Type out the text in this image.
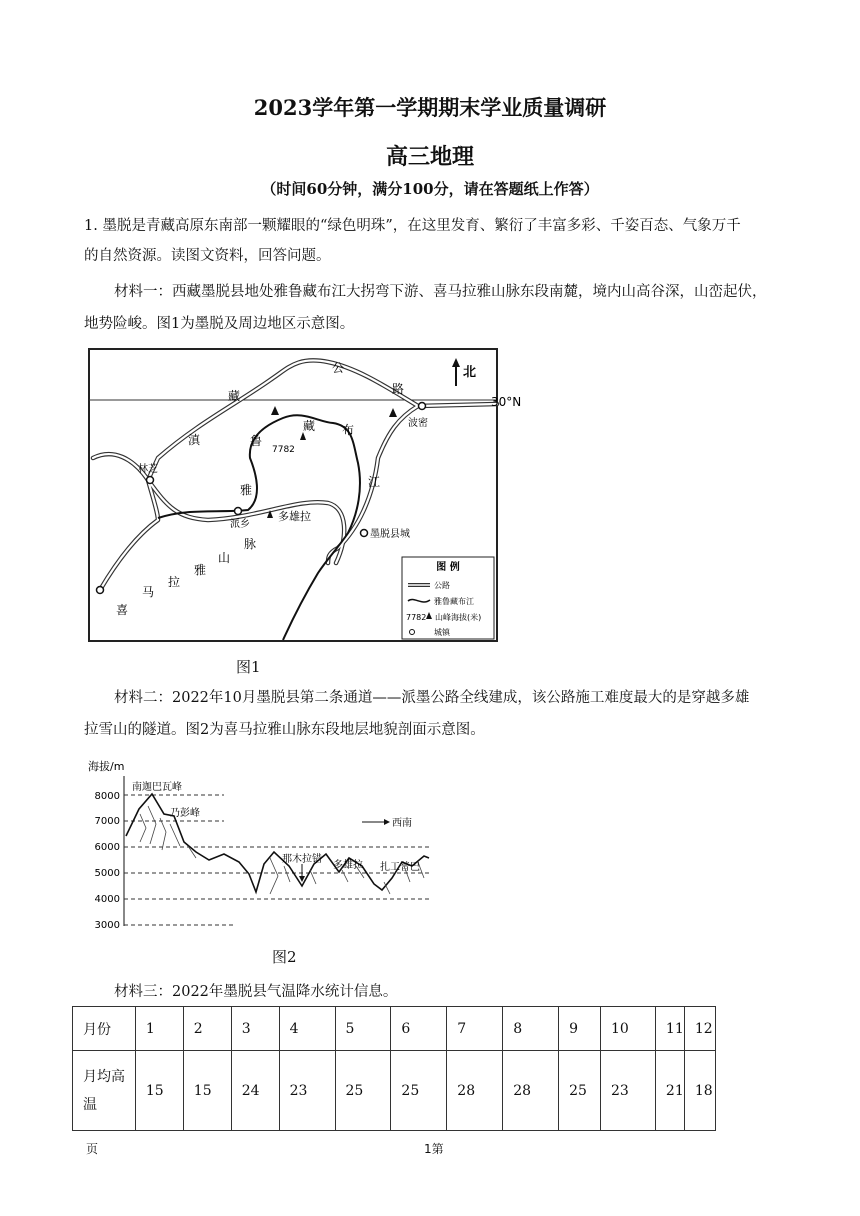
2023学年第一学期期末学业质量调研
高三地理
（时间60分钟，满分100分，请在答题纸上作答）
1. 墨脱是青藏高原东南部一颗耀眼的“绿色明珠”，在这里发育、繁衍了丰富多彩、千姿百态、气象万千
的自然资源。读图文资料，回答问题。
材料一：西藏墨脱县地处雅鲁藏布江大拐弯下游、喜马拉雅山脉东段南麓，境内山高谷深，山峦起伏，
地势险峻。图1为墨脱及周边地区示意图。
北
公
路
藏
滇	鲁
藏 布
江
雅
喜
马
拉
雅
山
脉
波密
林芝
派乡
墨脱县城
7782
多雄拉
30°N
图 例
公路
雅鲁藏布江
7782 山峰海拔(米)
城镇
图1
材料二：2022年10月墨脱县第二条通道——派墨公路全线建成，该公路施工难度最大的是穿越多雄
拉雪山的隧道。图2为喜马拉雅山脉东段地层地貌剖面示意图。
海拔/m
8000
7000
6000
5000
4000
3000
南迦巴瓦峰
乃彭峰
那木拉错
多雄拉 扎工普巴
西南
图2
材料三：2022年墨脱县气温降水统计信息。
月份	1	2	3	4	5	6	7	8	9	10	11	12
月均高温	15	15	24	23	25	25	28	28	25	23	21	18
页	1第
